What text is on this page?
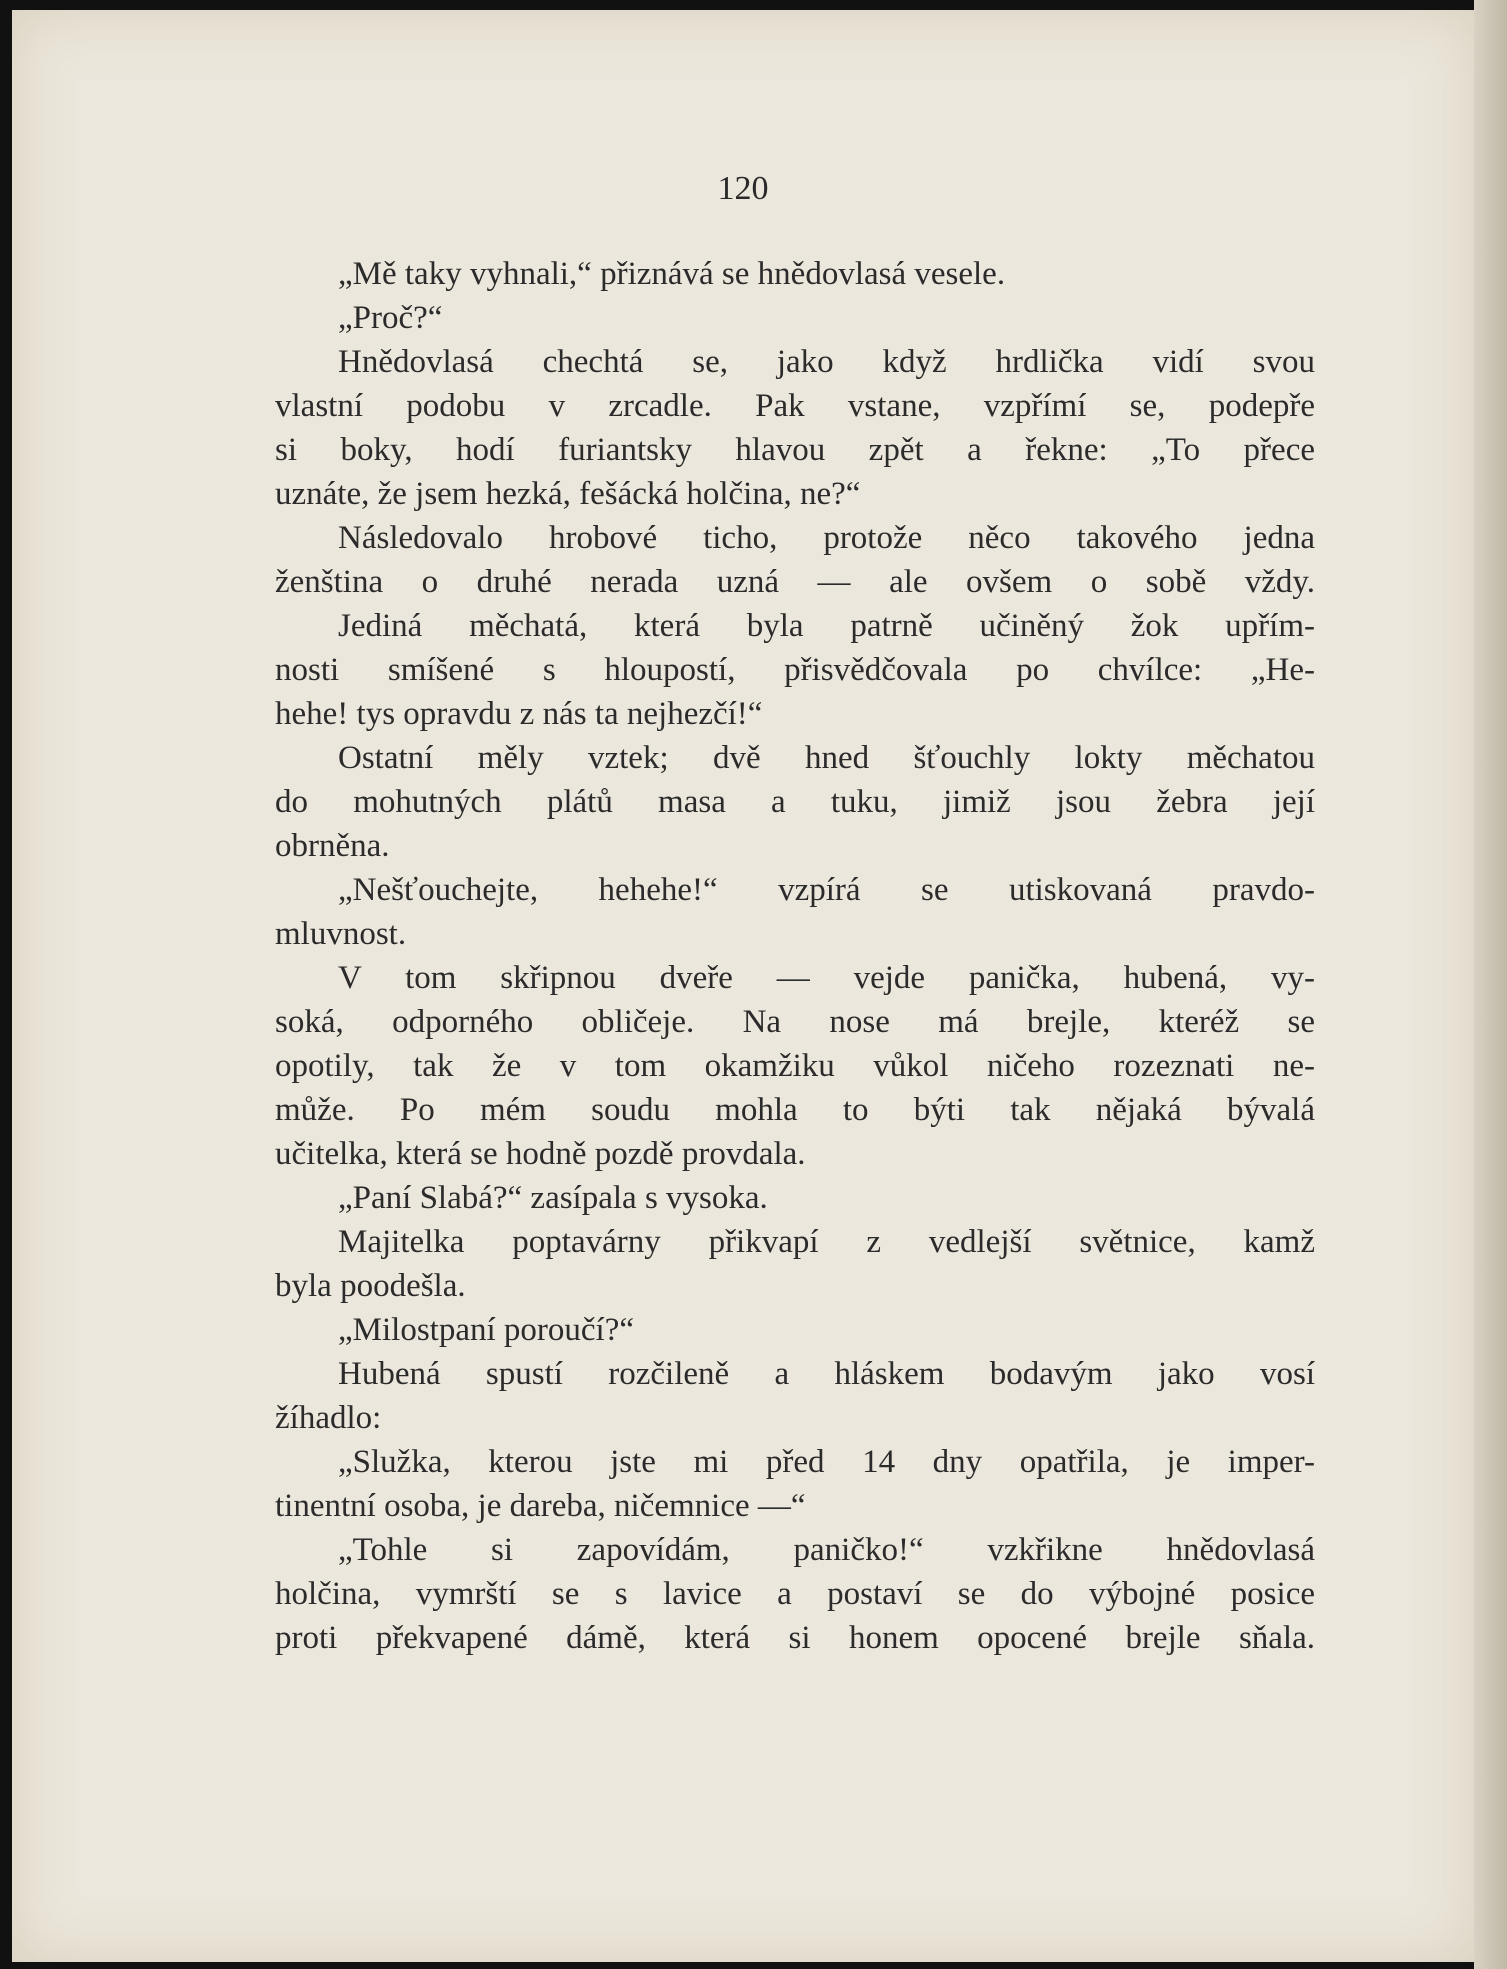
120
„Mě taky vyhnali,“ přiznává se hnědovlasá vesele.
„Proč?“
Hnědovlasá chechtá se, jako když hrdlička vidí svou
vlastní podobu v zrcadle. Pak vstane, vzpřímí se, podepře
si boky, hodí furiantsky hlavou zpět a řekne: „To přece
uznáte, že jsem hezká, fešácká holčina, ne?“
Následovalo hrobové ticho, protože něco takového jedna
ženština o druhé nerada uzná — ale ovšem o sobě vždy.
Jediná měchatá, která byla patrně učiněný žok upřím-
nosti smíšené s hloupostí, přisvědčovala po chvílce: „He-
hehe! tys opravdu z nás ta nejhezčí!“
Ostatní měly vztek; dvě hned šťouchly lokty měchatou
do mohutných plátů masa a tuku, jimiž jsou žebra její
obrněna.
„Nešťouchejte, hehehe!“ vzpírá se utiskovaná pravdo-
mluvnost.
V tom skřipnou dveře — vejde panička, hubená, vy-
soká, odporného obličeje. Na nose má brejle, kteréž se
opotily, tak že v tom okamžiku vůkol ničeho rozeznati ne-
může. Po mém soudu mohla to býti tak nějaká bývalá
učitelka, která se hodně pozdě provdala.
„Paní Slabá?“ zasípala s vysoka.
Majitelka poptavárny přikvapí z vedlejší světnice, kamž
byla poodešla.
„Milostpaní poroučí?“
Hubená spustí rozčileně a hláskem bodavým jako vosí
žíhadlo:
„Služka, kterou jste mi před 14 dny opatřila, je imper-
tinentní osoba, je dareba, ničemnice —“
„Tohle si zapovídám, paničko!“ vzkřikne hnědovlasá
holčina, vymrští se s lavice a postaví se do výbojné posice
proti překvapené dámě, která si honem opocené brejle sňala.
